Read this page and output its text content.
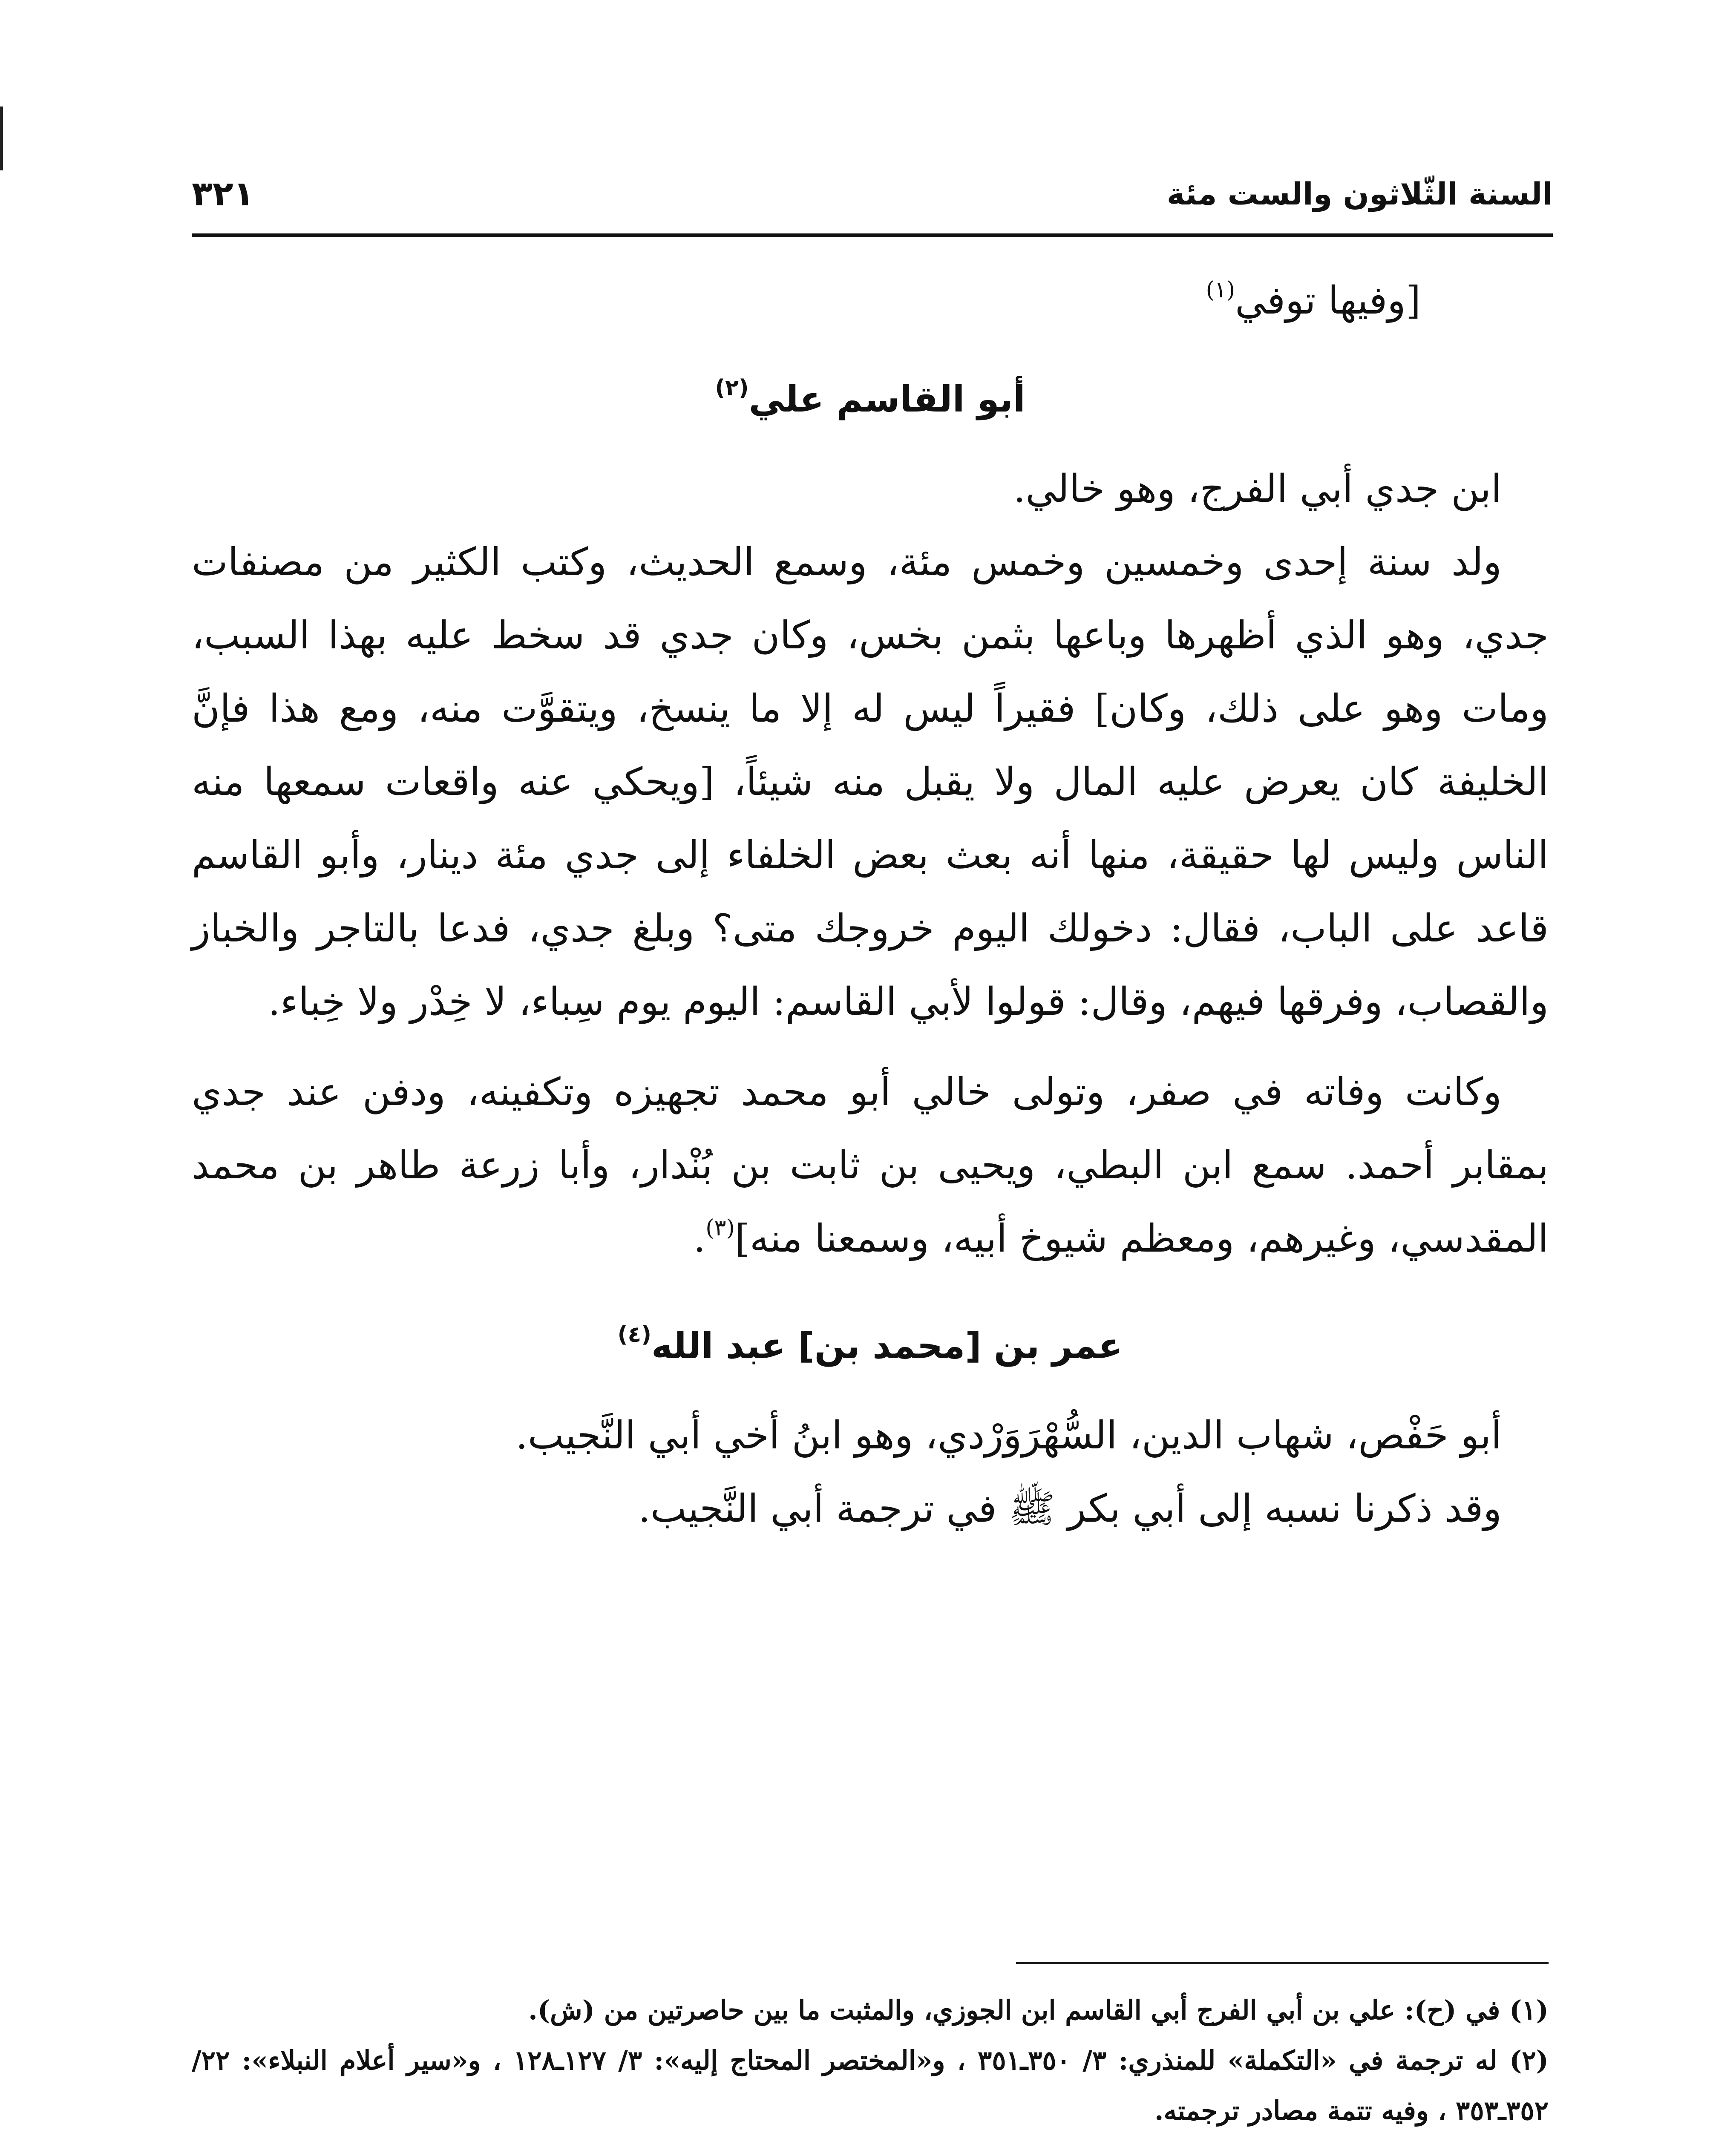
السنة الثّلاثون والست مئة
٣٢١

[وفيها توفي$^{(١)}$

أبو القاسم علي$^{(٢)}$

ابن جدي أبي الفرج، وهو خالي.

ولد سنة إحدى وخمسين وخمس مئة، وسمع الحديث، وكتب الكثير من مصنفات جدي، وهو الذي أظهرها وباعها بثمن بخس، وكان جدي قد سخط عليه بهذا السبب، ومات وهو على ذلك، وكان] فقيراً ليس له إلا ما ينسخ، ويتقوَّت منه، ومع هذا فإنَّ الخليفة كان يعرض عليه المال ولا يقبل منه شيئاً، [ويحكي عنه واقعات سمعها منه الناس وليس لها حقيقة، منها أنه بعث بعض الخلفاء إلى جدي مئة دينار، وأبو القاسم قاعد على الباب، فقال: دخولك اليوم خروجك متى؟ وبلغ جدي، فدعا بالتاجر والخباز والقصاب، وفرقها فيهم، وقال: قولوا لأبي القاسم: اليوم يوم سِباء، لا خِدْر ولا خِباء.

وكانت وفاته في صفر، وتولى خالي أبو محمد تجهيزه وتكفينه، ودفن عند جدي بمقابر أحمد. سمع ابن البطي، ويحيى بن ثابت بن بُنْدار، وأبا زرعة طاهر بن محمد المقدسي، وغيرهم، ومعظم شيوخ أبيه، وسمعنا منه]$^{(٣)}$.

عمر بن [محمد بن] عبد الله$^{(٤)}$

أبو حَفْص، شهاب الدين، السُّهْرَوَرْدي، وهو ابنُ أخي أبي النَّجيب.

وقد ذكرنا نسبه إلى أبي بكر ﷺ في ترجمة أبي النَّجيب.

(١) في (ح): علي بن أبي الفرج أبي القاسم ابن الجوزي، والمثبت ما بين حاصرتين من (ش).

(٢) له ترجمة في «التكملة» للمنذري: ٣/ ٣٥٠ـ٣٥١ ، و«المختصر المحتاج إليه»: ٣/ ١٢٧ـ١٢٨ ، و«سير أعلام النبلاء»: ٢٢/ ٣٥٢ـ٣٥٣ ، وفيه تتمة مصادر ترجمته.
